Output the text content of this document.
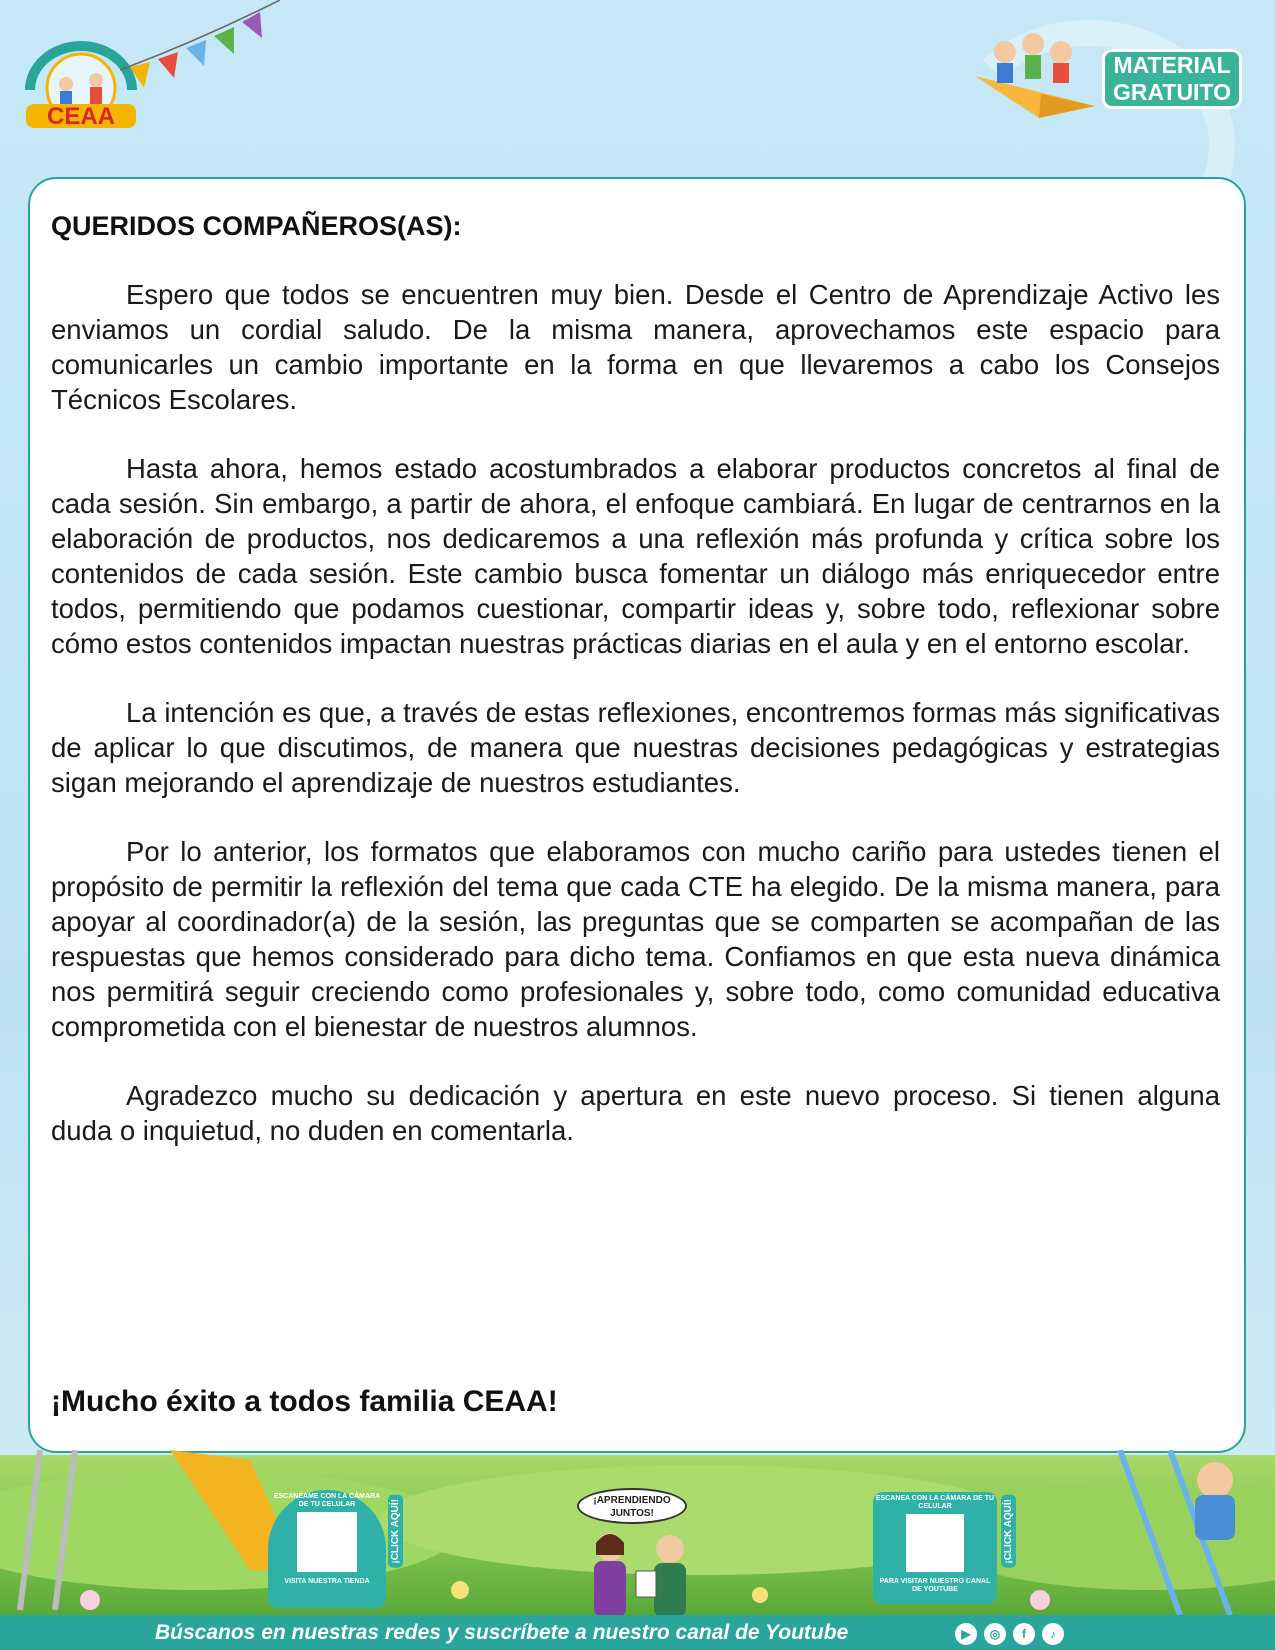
CEAA
MATERIAL
GRATUITO

QUERIDOS COMPAÑEROS(AS):

Espero que todos se encuentren muy bien. Desde el Centro de Aprendizaje Activo les enviamos un cordial saludo. De la misma manera, aprovechamos este espacio para comunicarles un cambio importante en la forma en que llevaremos a cabo los Consejos Técnicos Escolares.

Hasta ahora, hemos estado acostumbrados a elaborar productos concretos al final de cada sesión. Sin embargo, a partir de ahora, el enfoque cambiará. En lugar de centrarnos en la elaboración de productos, nos dedicaremos a una reflexión más profunda y crítica sobre los contenidos de cada sesión. Este cambio busca fomentar un diálogo más enriquecedor entre todos, permitiendo que podamos cuestionar, compartir ideas y, sobre todo, reflexionar sobre cómo estos contenidos impactan nuestras prácticas diarias en el aula y en el entorno escolar.

La intención es que, a través de estas reflexiones, encontremos formas más significativas de aplicar lo que discutimos, de manera que nuestras decisiones pedagógicas y estrategias sigan mejorando el aprendizaje de nuestros estudiantes.

Por lo anterior, los formatos que elaboramos con mucho cariño para ustedes tienen el propósito de permitir la reflexión del tema que cada CTE ha elegido. De la misma manera, para apoyar al coordinador(a) de la sesión, las preguntas que se comparten se acompañan de las respuestas que hemos considerado para dicho tema. Confiamos en que esta nueva dinámica nos permitirá seguir creciendo como profesionales y, sobre todo, como comunidad educativa comprometida con el bienestar de nuestros alumnos.

Agradezco mucho su dedicación y apertura en este nuevo proceso. Si tienen alguna duda o inquietud, no duden en comentarla.

¡Mucho éxito a todos familia CEAA!
ESCANÉAME CON LA CÁMARA DE TU CELULAR
VISITA NUESTRA TIENDA
¡CLICK AQUÍ!	¡APRENDIENDO JUNTOS!
ESCANEA CON LA CÁMARA DE TU CELULAR
PARA VISITAR NUESTRO CANAL DE YOUTUBE
¡CLICK AQUÍ!
Búscanos en nuestras redes y suscríbete a nuestro canal de Youtube	▶	◎	f	♪
